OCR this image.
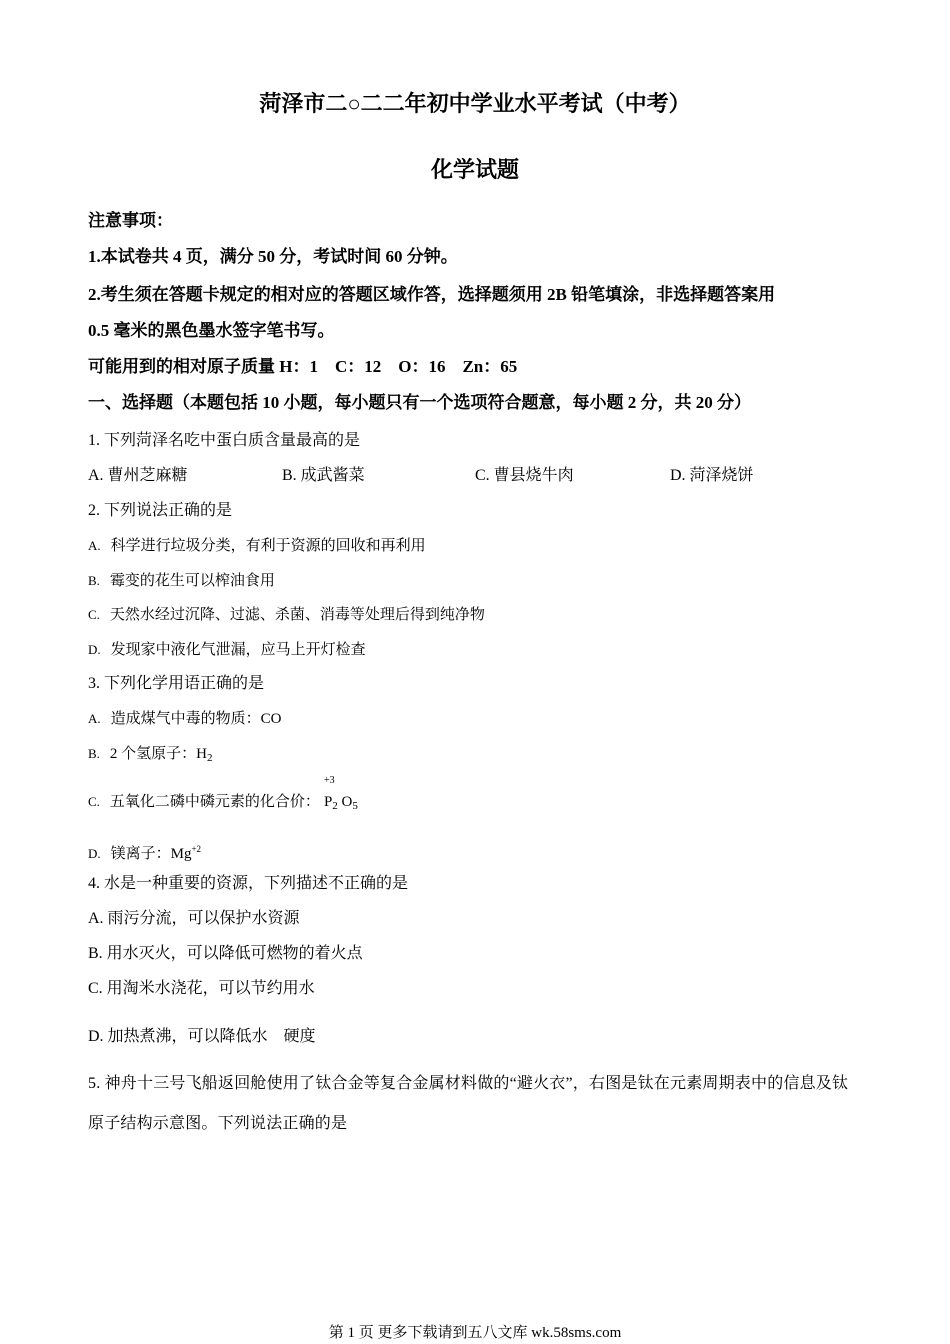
菏泽市二○二二年初中学业水平考试（中考）
化学试题
注意事项：
1.本试卷共 4 页，满分 50 分，考试时间 60 分钟。
2.考生须在答题卡规定的相对应的答题区域作答，选择题须用 2B 铅笔填涂，非选择题答案用
0.5 毫米的黑色墨水签字笔书写。
可能用到的相对原子质量 H：1　C：12　O：16　Zn：65
一、选择题（本题包括 10 小题，每小题只有一个选项符合题意，每小题 2 分，共 20 分）
1. 下列菏泽名吃中蛋白质含量最高的是
A. 曹州芝麻糖	B. 成武酱菜	C. 曹县烧牛肉	D. 菏泽烧饼
2. 下列说法正确的是
A. 科学进行垃圾分类，有利于资源的回收和再利用
B. 霉变的花生可以榨油食用
C. 天然水经过沉降、过滤、杀菌、消毒等处理后得到纯净物
D. 发现家中液化气泄漏，应马上开灯检查
3. 下列化学用语正确的是
A. 造成煤气中毒的物质：CO
B. 2 个氢原子：$H_2$
C. 五氧化二磷中磷元素的化合价：
+3
$P_2$ $O_5$
D. 镁离子：$Mg^{+2}$
4. 水是一种重要的资源，下列描述不正确的是
A. 雨污分流，可以保护水资源
B. 用水灭火，可以降低可燃物的着火点
C. 用淘米水浇花，可以节约用水
D. 加热煮沸，可以降低水　硬度
5. 神舟十三号飞船返回舱使用了钛合金等复合金属材料做的“避火衣”，右图是钛在元素周期表中的信息及钛原子结构示意图。下列说法正确的是
第 1 页 更多下载请到五八文库 wk.58sms.com
